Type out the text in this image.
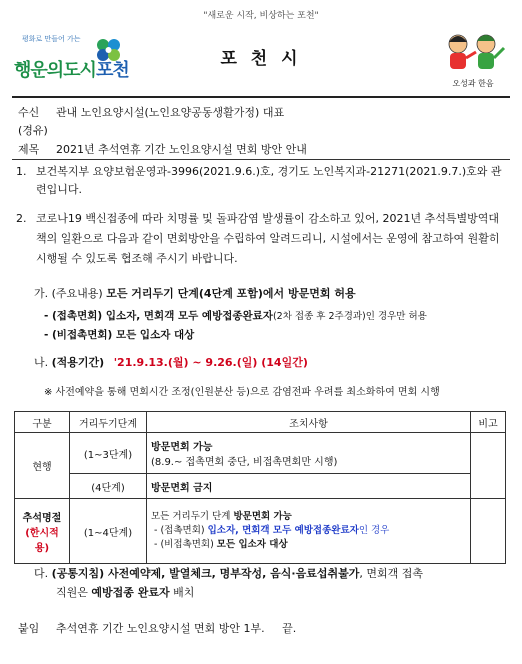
"새로운 시작, 비상하는 포천"
평화로 만들어 가는
행운의도시포천
포 천 시
오성과 한음
수신 관내 노인요양시설(노인요양공동생활가정) 대표
(경유)
제목 2021년 추석연휴 기간 노인요양시설 면회 방안 안내
1. 보건복지부 요양보험운영과-3996(2021.9.6.)호, 경기도 노인복지과-21271(2021.9.7.)호와 관련입니다.
2. 코로나19 백신접종에 따라 치명률 및 돌파감염 발생률이 감소하고 있어, 2021년 추석특별방역대책의 일환으로 다음과 같이 면회방안을 수립하여 알려드리니, 시설에서는 운영에 참고하여 원활히 시행될 수 있도록 협조해 주시기 바랍니다.
가. (주요내용) 모든 거리두기 단계(4단계 포함)에서 방문면회 허용
- (접촉면회) 입소자, 면회객 모두 예방접종완료자(2차 접종 후 2주경과)인 경우만 허용
- (비접촉면회) 모든 입소자 대상
나. (적용기간) '21.9.13.(월) ~ 9.26.(일) (14일간)
※ 사전예약을 통해 면회시간 조정(인원분산 등)으로 감염전파 우려를 최소화하여 면회 시행
구분	거리두기단계	조치사항	비고
현행	(1~3단계)	방문면회 가능
(8.9.~ 접촉면회 중단, 비접촉면회만 시행)	
	(4단계)	방문면회 금지	
추석명절
(한시적용)	(1~4단계)	모든 거리두기 단계 방문면회 가능
- (접촉면회) 입소자, 면회객 모두 예방접종완료자인 경우
- (비접촉면회) 모든 입소자 대상	
다. (공통지침) 사전예약제, 발열체크, 명부작성, 음식·음료섭취불가, 면회객 접촉
직원은 예방접종 완료자 배치
붙임 추석연휴 기간 노인요양시설 면회 방안 1부. 끝.
